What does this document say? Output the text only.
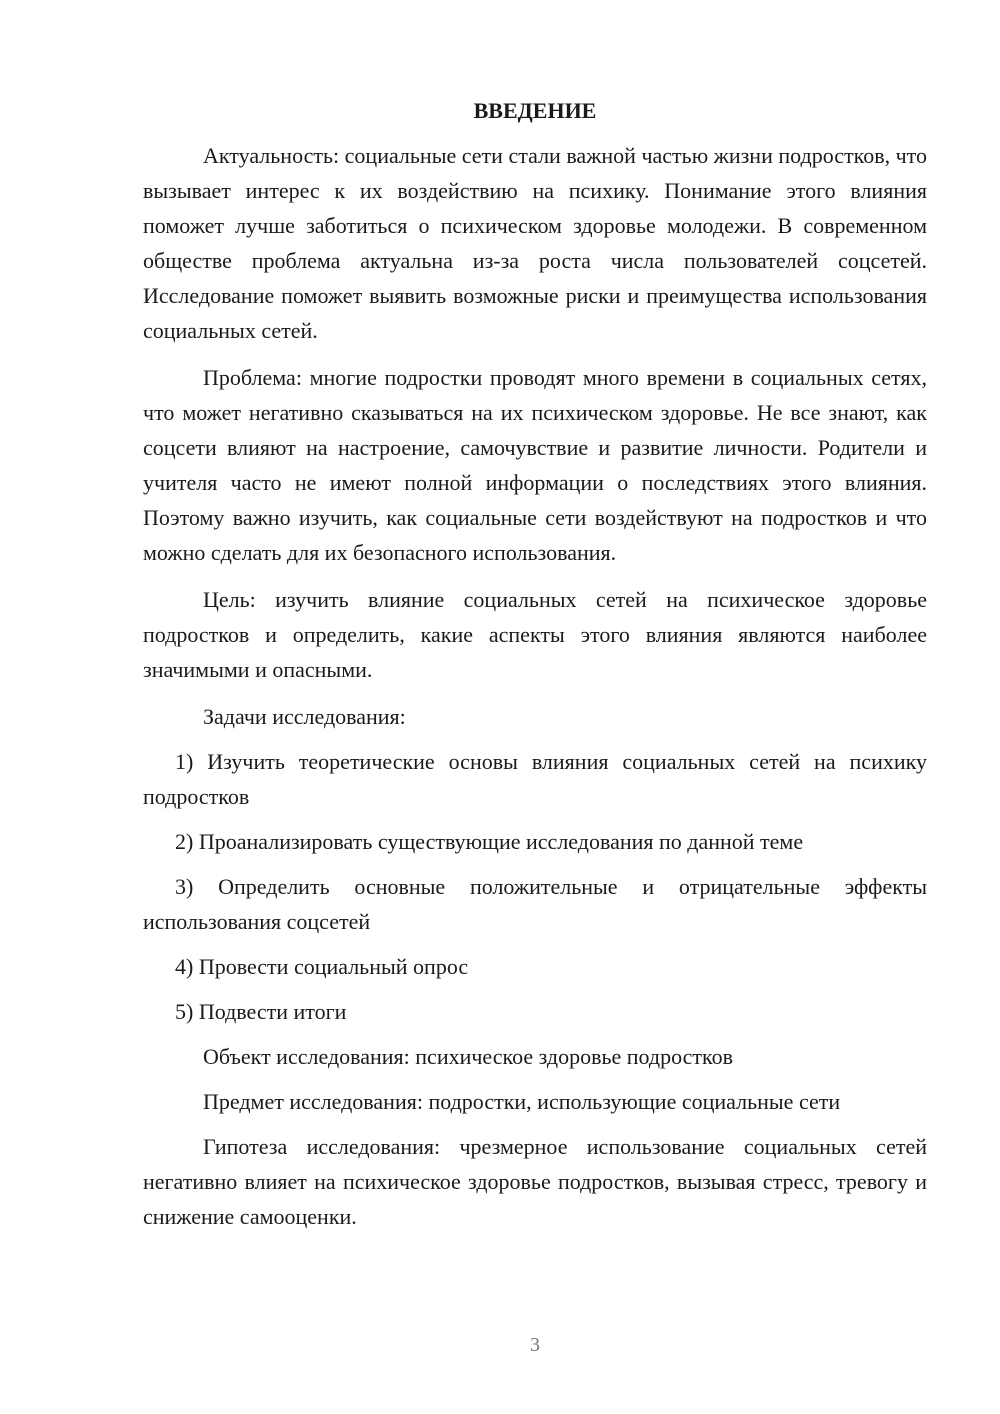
ВВЕДЕНИЕ

Актуальность: социальные сети стали важной частью жизни подростков, что вызывает интерес к их воздействию на психику. Понимание этого влияния поможет лучше заботиться о психическом здоровье молодежи. В современном обществе проблема актуальна из-за роста числа пользователей соцсетей. Исследование поможет выявить возможные риски и преимущества использования социальных сетей.

Проблема: многие подростки проводят много времени в социальных сетях, что может негативно сказываться на их психическом здоровье. Не все знают, как соцсети влияют на настроение, самочувствие и развитие личности. Родители и учителя часто не имеют полной информации о последствиях этого влияния. Поэтому важно изучить, как социальные сети воздействуют на подростков и что можно сделать для их безопасного использования.

Цель: изучить влияние социальных сетей на психическое здоровье подростков и определить, какие аспекты этого влияния являются наиболее значимыми и опасными.

Задачи исследования:

1) Изучить теоретические основы влияния социальных сетей на психику подростков

2) Проанализировать существующие исследования по данной теме

3) Определить основные положительные и отрицательные эффекты использования соцсетей

4) Провести социальный опрос

5) Подвести итоги

Объект исследования: психическое здоровье подростков

Предмет исследования: подростки, использующие социальные сети

Гипотеза исследования: чрезмерное использование социальных сетей негативно влияет на психическое здоровье подростков, вызывая стресс, тревогу и снижение самооценки.

3
